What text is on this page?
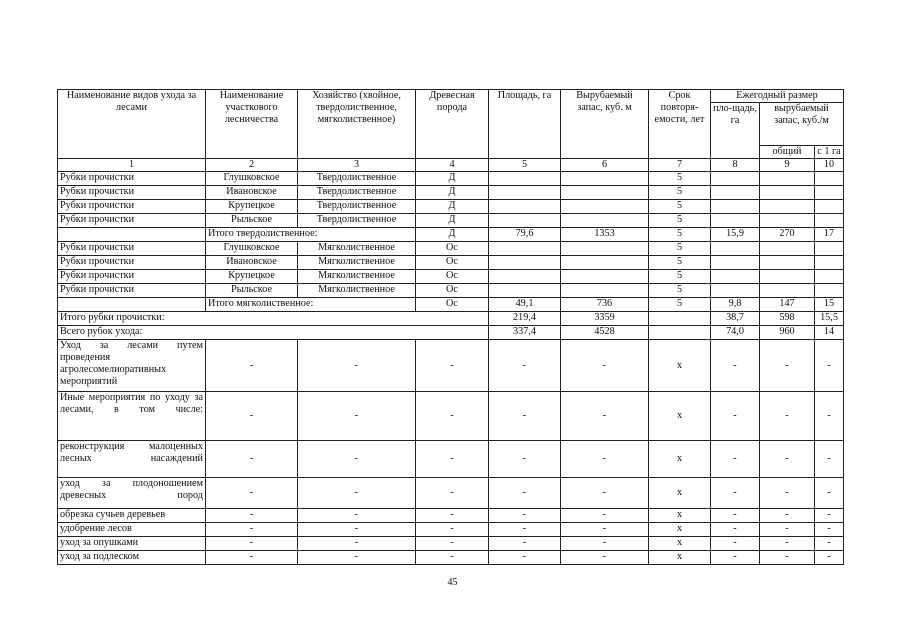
Наименование видов ухода за лесами	Наименование участкового лесничества	Хозяйство (хвойное, твердолиственное, мягколиственное)	Древесная порода	Площадь, га	Вырубаемый запас, куб. м	Срок повторя-емости, лет	Ежегодный размер		
							пло-щадь, га	вырубаемый запас, куб./м	
								общий	с 1 га
1	2	3	4	5	6	7	8	9	10
Рубки прочистки	Глушковское	Твердолиственное	Д			5			
Рубки прочистки	Ивановское	Твердолиственное	Д			5			
Рубки прочистки	Крупецкое	Твердолиственное	Д			5			
Рубки прочистки	Рыльское	Твердолиственное	Д			5			
	Итого твердолиственное:		Д	79,6	1353	5	15,9	270	17
Рубки прочистки	Глушковское	Мягколиственное	Ос			5			
Рубки прочистки	Ивановское	Мягколиственное	Ос			5			
Рубки прочистки	Крупецкое	Мягколиственное	Ос			5			
Рубки прочистки	Рыльское	Мягколиственное	Ос			5			
	Итого мягколиственное:		Ос	49,1	736	5	9,8	147	15
Итого рубки прочистки:				219,4	3359		38,7	598	15,5
Всего рубок ухода:				337,4	4528		74,0	960	14
Уход за лесами путем проведения агролесомелиоративных мероприятий	-	-	-	-	-	x	-	-	-
Иные мероприятия по уходу за лесами, в том числе:	-	-	-	-	-	x	-	-	-
реконструкция малоценных лесных насаждений	-	-	-	-	-	x	-	-	-
уход за плодоношением древесных пород	-	-	-	-	-	x	-	-	-
обрезка сучьев деревьев	-	-	-	-	-	x	-	-	-
удобрение лесов	-	-	-	-	-	x	-	-	-
уход за опушками	-	-	-	-	-	x	-	-	-
уход за подлеском	-	-	-	-	-	x	-	-	-
45
